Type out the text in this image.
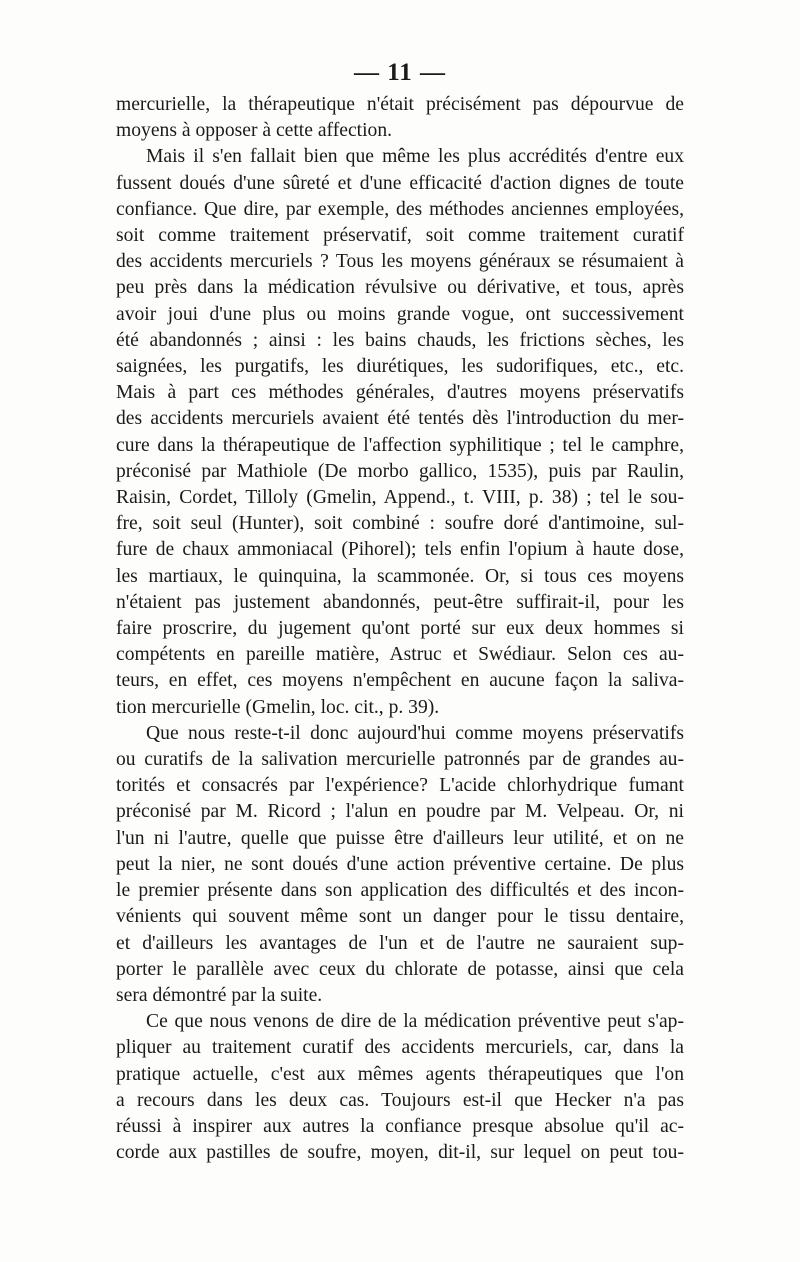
— 11 —

mercurielle, la thérapeutique n'était précisément pas dépourvue de

moyens à opposer à cette affection.

Mais il s'en fallait bien que même les plus accrédités d'entre eux

fussent doués d'une sûreté et d'une efficacité d'action dignes de toute

confiance. Que dire, par exemple, des méthodes anciennes employées,

soit comme traitement préservatif, soit comme traitement curatif

des accidents mercuriels ? Tous les moyens généraux se résumaient à

peu près dans la médication révulsive ou dérivative, et tous, après

avoir joui d'une plus ou moins grande vogue, ont successivement

été abandonnés ; ainsi : les bains chauds, les frictions sèches, les

saignées, les purgatifs, les diurétiques, les sudorifiques, etc., etc.

Mais à part ces méthodes générales, d'autres moyens préservatifs

des accidents mercuriels avaient été tentés dès l'introduction du mer-

cure dans la thérapeutique de l'affection syphilitique ; tel le camphre,

préconisé par Mathiole (De morbo gallico, 1535), puis par Raulin,

Raisin, Cordet, Tilloly (Gmelin, Append., t. VIII, p. 38) ; tel le sou-

fre, soit seul (Hunter), soit combiné : soufre doré d'antimoine, sul-

fure de chaux ammoniacal (Pihorel); tels enfin l'opium à haute dose,

les martiaux, le quinquina, la scammonée. Or, si tous ces moyens

n'étaient pas justement abandonnés, peut-être suffirait-il, pour les

faire proscrire, du jugement qu'ont porté sur eux deux hommes si

compétents en pareille matière, Astruc et Swédiaur. Selon ces au-

teurs, en effet, ces moyens n'empêchent en aucune façon la saliva-

tion mercurielle (Gmelin, loc. cit., p. 39).

Que nous reste-t-il donc aujourd'hui comme moyens préservatifs

ou curatifs de la salivation mercurielle patronnés par de grandes au-

torités et consacrés par l'expérience? L'acide chlorhydrique fumant

préconisé par M. Ricord ; l'alun en poudre par M. Velpeau. Or, ni

l'un ni l'autre, quelle que puisse être d'ailleurs leur utilité, et on ne

peut la nier, ne sont doués d'une action préventive certaine. De plus

le premier présente dans son application des difficultés et des incon-

vénients qui souvent même sont un danger pour le tissu dentaire,

et d'ailleurs les avantages de l'un et de l'autre ne sauraient sup-

porter le parallèle avec ceux du chlorate de potasse, ainsi que cela

sera démontré par la suite.

Ce que nous venons de dire de la médication préventive peut s'ap-

pliquer au traitement curatif des accidents mercuriels, car, dans la

pratique actuelle, c'est aux mêmes agents thérapeutiques que l'on

a recours dans les deux cas. Toujours est-il que Hecker n'a pas

réussi à inspirer aux autres la confiance presque absolue qu'il ac-

corde aux pastilles de soufre, moyen, dit-il, sur lequel on peut tou-
